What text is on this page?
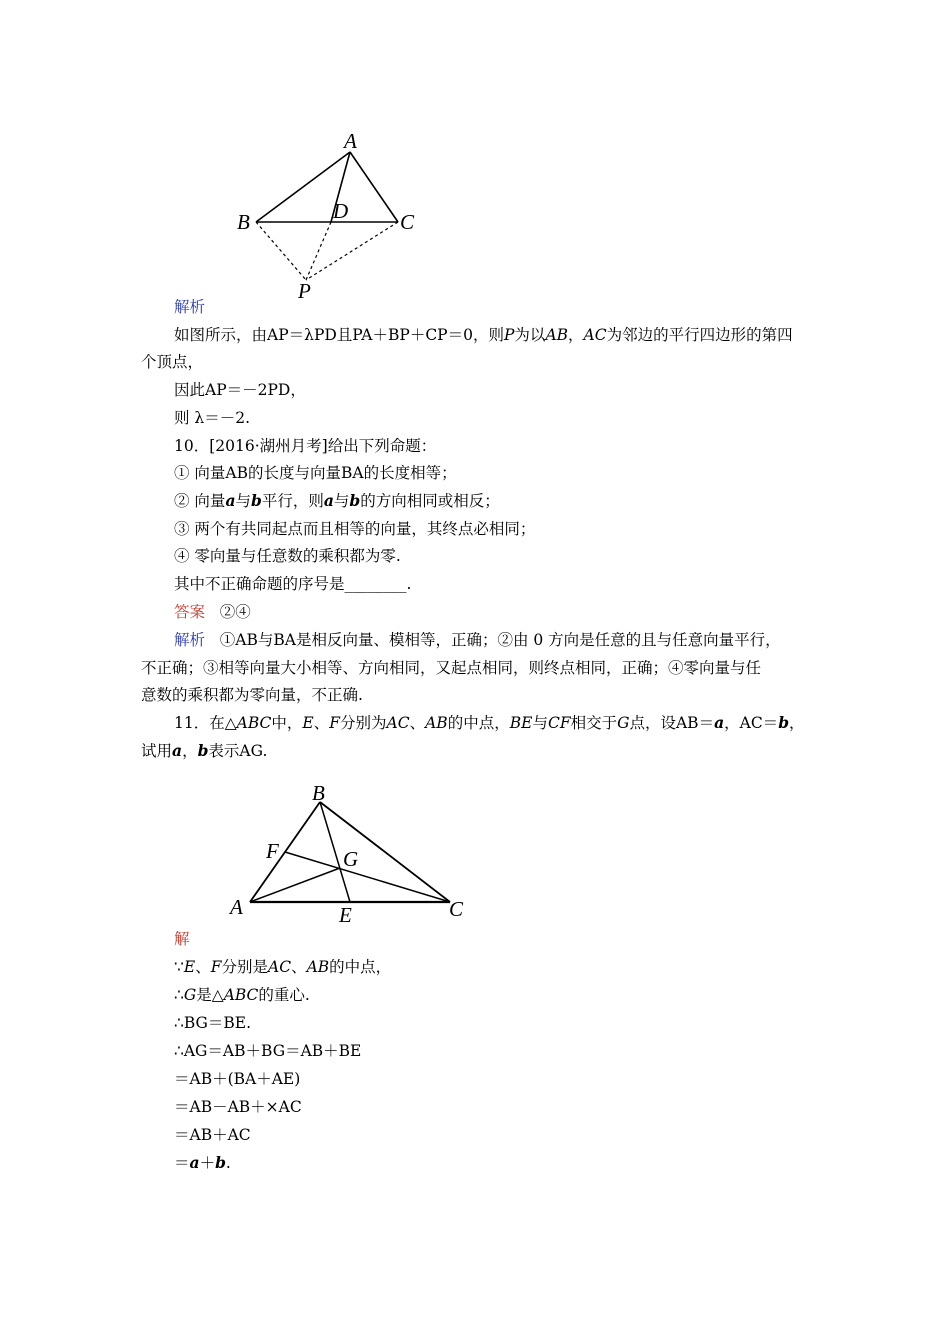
A
B	C
D
P
解析
如图所示，由AP＝λPD且PA＋BP＋CP＝0，则P为以AB，AC为邻边的平行四边形的第四
个顶点，
因此AP＝－2PD，
则 λ＝－2.
10．[2016·湖州月考]给出下列命题：
① 向量AB的长度与向量BA的长度相等；
② 向量a与b平行，则a与b的方向相同或相反；
③ 两个有共同起点而且相等的向量，其终点必相同；
④ 零向量与任意数的乘积都为零.
其中不正确命题的序号是________.
答案 ②④
解析 ①AB与BA是相反向量、模相等，正确；②由 0 方向是任意的且与任意向量平行，
不正确；③相等向量大小相等、方向相同，又起点相同，则终点相同，正确；④零向量与任
意数的乘积都为零向量，不正确.
11．在△ABC中，E、F分别为AC、AB的中点，BE与CF相交于G点，设AB＝a，AC＝b，
试用a，b表示AG.
B
F	G
A	E	C
解
∵E、F分别是AC、AB的中点，
∴G是△ABC的重心.
∴BG＝BE.
∴AG＝AB＋BG＝AB＋BE
＝AB＋(BA＋AE)
＝AB－AB＋×AC
＝AB＋AC
＝a＋b.
